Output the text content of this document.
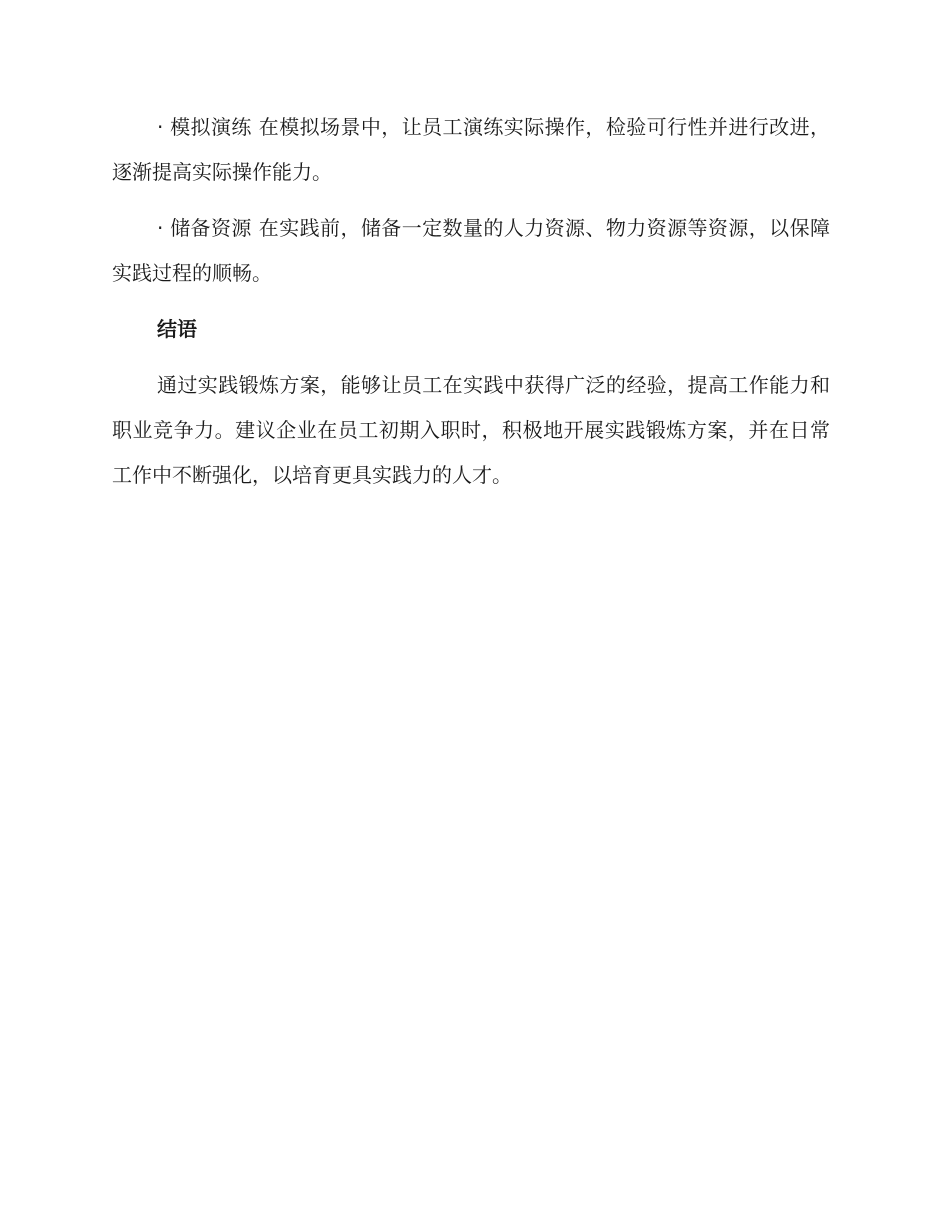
· 模拟演练 在模拟场景中，让员工演练实际操作，检验可行性并进行改进，逐渐提高实际操作能力。

· 储备资源 在实践前，储备一定数量的人力资源、物力资源等资源，以保障实践过程的顺畅。

结语

通过实践锻炼方案，能够让员工在实践中获得广泛的经验，提高工作能力和职业竞争力。建议企业在员工初期入职时，积极地开展实践锻炼方案，并在日常工作中不断强化，以培育更具实践力的人才。
